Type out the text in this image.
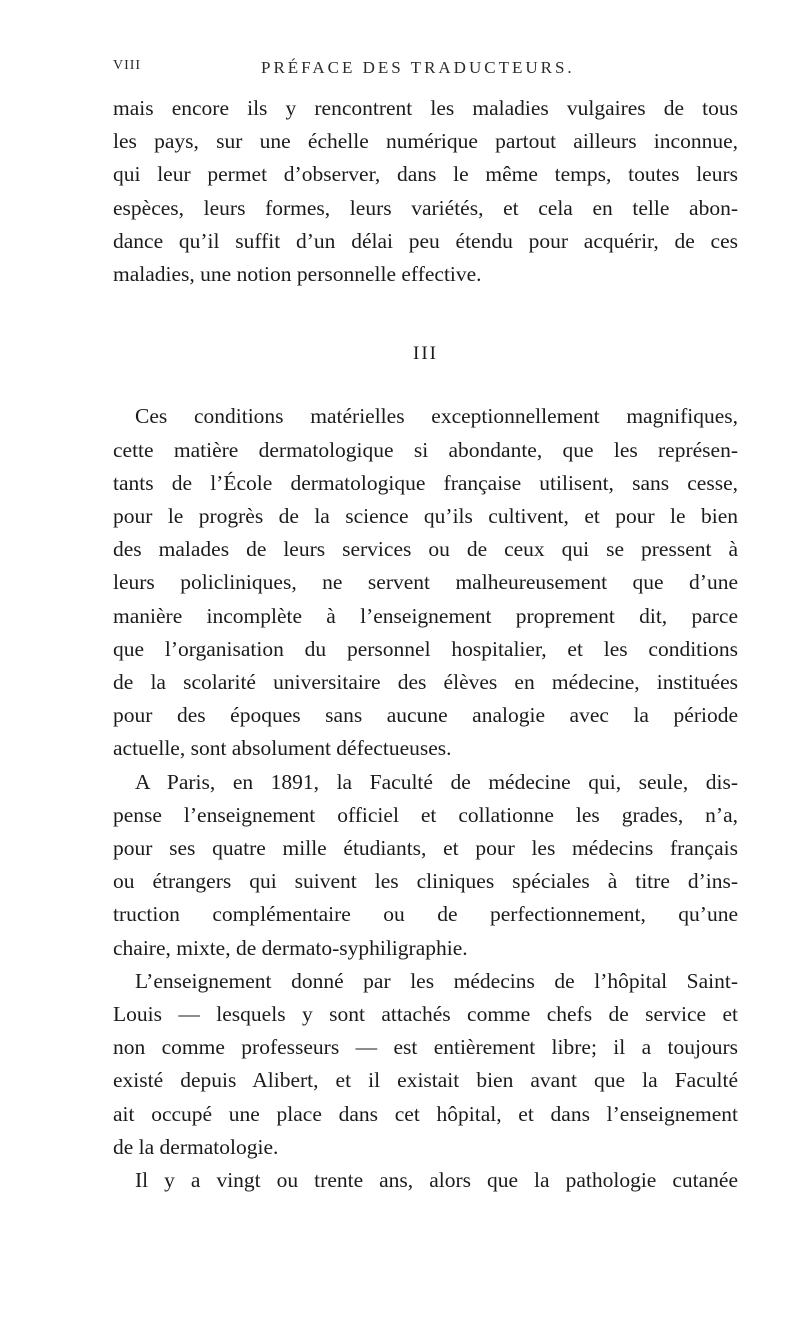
VIII	PRÉFACE DES TRADUCTEURS.

mais encore ils y rencontrent les maladies vulgaires de tous
les pays, sur une échelle numérique partout ailleurs inconnue,
qui leur permet d’observer, dans le même temps, toutes leurs
espèces, leurs formes, leurs variétés, et cela en telle abon-
dance qu’il suffit d’un délai peu étendu pour acquérir, de ces
maladies, une notion personnelle effective.

III

Ces conditions matérielles exceptionnellement magnifiques,
cette matière dermatologique si abondante, que les représen-
tants de l’École dermatologique française utilisent, sans cesse,
pour le progrès de la science qu’ils cultivent, et pour le bien
des malades de leurs services ou de ceux qui se pressent à
leurs policliniques, ne servent malheureusement que d’une
manière incomplète à l’enseignement proprement dit, parce
que l’organisation du personnel hospitalier, et les conditions
de la scolarité universitaire des élèves en médecine, instituées
pour des époques sans aucune analogie avec la période
actuelle, sont absolument défectueuses.

A Paris, en 1891, la Faculté de médecine qui, seule, dis-
pense l’enseignement officiel et collationne les grades, n’a,
pour ses quatre mille étudiants, et pour les médecins français
ou étrangers qui suivent les cliniques spéciales à titre d’ins-
truction complémentaire ou de perfectionnement, qu’une
chaire, mixte, de dermato-syphiligraphie.

L’enseignement donné par les médecins de l’hôpital Saint-
Louis — lesquels y sont attachés comme chefs de service et
non comme professeurs — est entièrement libre; il a toujours
existé depuis Alibert, et il existait bien avant que la Faculté
ait occupé une place dans cet hôpital, et dans l’enseignement
de la dermatologie.

Il y a vingt ou trente ans, alors que la pathologie cutanée
